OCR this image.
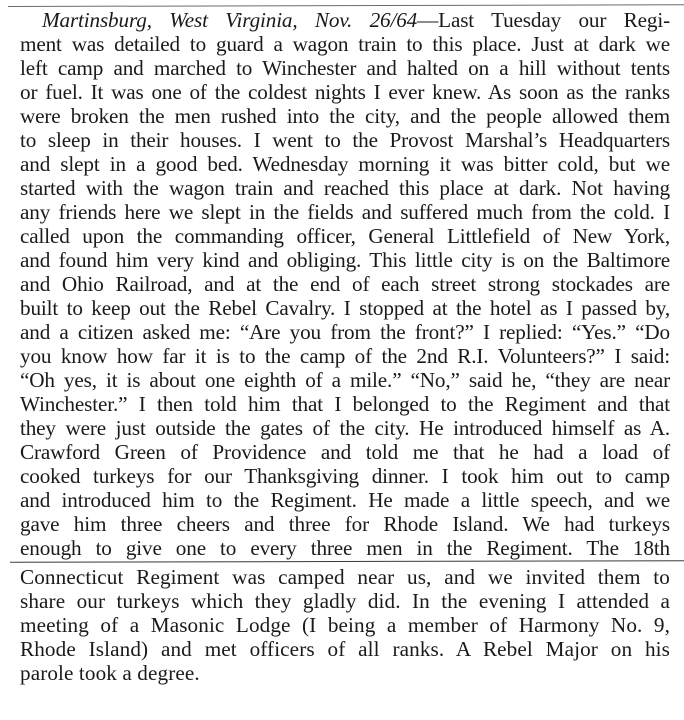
Martinsburg, West Virginia, Nov. 26/64—Last Tuesday our Regi-
ment was detailed to guard a wagon train to this place. Just at dark we
left camp and marched to Winchester and halted on a hill without tents
or fuel. It was one of the coldest nights I ever knew. As soon as the ranks
were broken the men rushed into the city, and the people allowed them
to sleep in their houses. I went to the Provost Marshal’s Headquarters
and slept in a good bed. Wednesday morning it was bitter cold, but we
started with the wagon train and reached this place at dark. Not having
any friends here we slept in the fields and suffered much from the cold. I
called upon the commanding officer, General Littlefield of New York,
and found him very kind and obliging. This little city is on the Baltimore
and Ohio Railroad, and at the end of each street strong stockades are
built to keep out the Rebel Cavalry. I stopped at the hotel as I passed by,
and a citizen asked me: “Are you from the front?” I replied: “Yes.” “Do
you know how far it is to the camp of the 2nd R.I. Volunteers?” I said:
“Oh yes, it is about one eighth of a mile.” “No,” said he, “they are near
Winchester.” I then told him that I belonged to the Regiment and that
they were just outside the gates of the city. He introduced himself as A.
Crawford Green of Providence and told me that he had a load of
cooked turkeys for our Thanksgiving dinner. I took him out to camp
and introduced him to the Regiment. He made a little speech, and we
gave him three cheers and three for Rhode Island. We had turkeys
enough to give one to every three men in the Regiment. The 18th
Connecticut Regiment was camped near us, and we invited them to
share our turkeys which they gladly did. In the evening I attended a
meeting of a Masonic Lodge (I being a member of Harmony No. 9,
Rhode Island) and met officers of all ranks. A Rebel Major on his
parole took a degree.
